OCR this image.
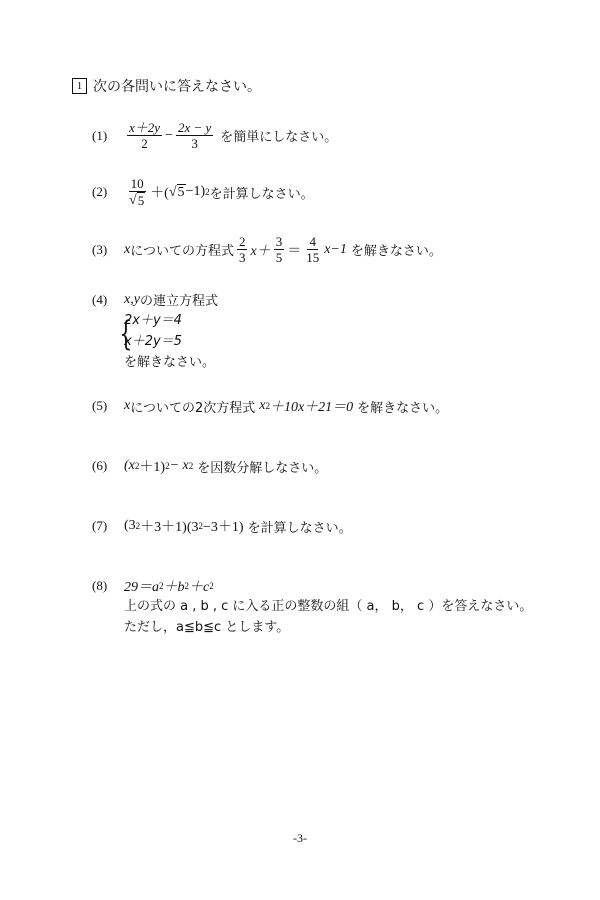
1 次の各問いに答えなさい。
(1)	$\frac{x+2y}{2} - \frac{2x - y}{3}$ を簡単にしなさい。
(2)	$\frac{10}{√ 5}$ ＋( √ 5 −1) 2 を計算しなさい。
(3)	x についての方程式 $\frac{2}{3} x+ \frac{3}{5} = \frac{4}{15} x-1$ を解きなさい。
(4)	x,y の連立方程式
{
2x＋y＝4
x＋2y＝5
を解きなさい。
(5)	x についての2次方程式 x 2 ＋10x＋21＝0 を解きなさい。
(6)	(x 2 ＋1) 2 − x 2 を因数分解しなさい。
(7)	(3 2 ＋3＋1)(3 2 −3＋1) を計算しなさい。
(8)	29＝a 2 ＋b 2 ＋c 2
上の式の a , b , c に入る正の整数の組（ a， b， c ）を答えなさい。
ただし，a≦b≦c とします。
-3-
